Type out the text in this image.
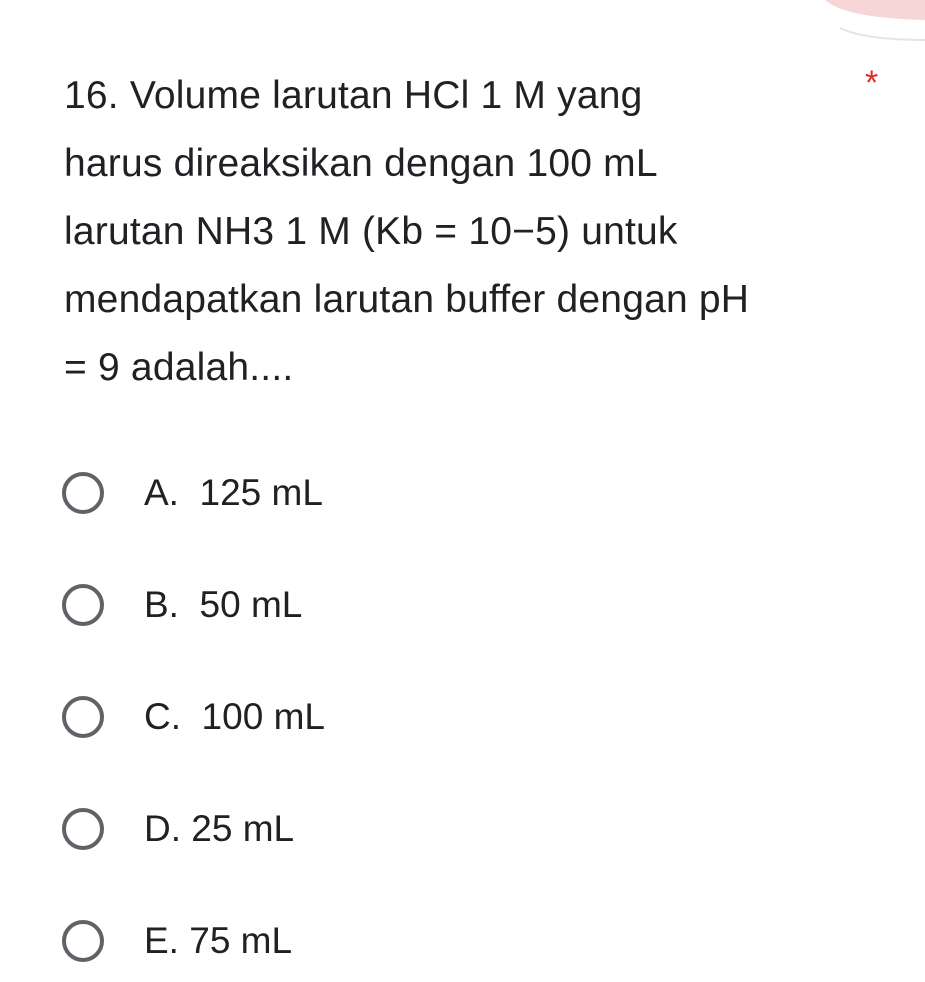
16. Volume larutan HCl 1 M yang
harus direaksikan dengan 100 mL
larutan NH3 1 M (Kb = 10−5) untuk
mendapatkan larutan buffer dengan pH
= 9 adalah....
*
A.  125 mL
B.  50 mL
C.  100 mL
D. 25 mL
E. 75 mL
